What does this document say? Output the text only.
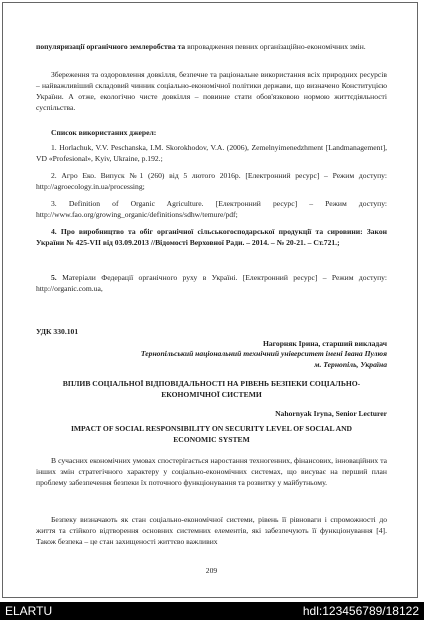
популяризації органічного землеробства та впровадження певних організаційно-економічних змін.

Збереження та оздоровлення довкілля, безпечне та раціональне використання всіх природних ресурсів – найважливіший складовий чинник соціально-економічної політики держави, що визначено Конституцією України. А отже, екологічно чисте довкілля – повинне стати обов'язковою нормою життєдіяльності суспільства.

Список використаних джерел:

1. Horlachuk, V.V. Peschanska, I.M. Skorokhodov, V.A. (2006), Zemelnyimenedzhment [Landmanagement], VD «Profesional», Kyiv, Ukraine, p.192.;

2. Агро Еко. Випуск №1 (260) від 5 лютого 2016р. [Електронний ресурс] – Режим доступу: http://agroecology.in.ua/processing;

3. Definition of Organic Agriculture. [Електронний ресурс] – Режим доступу: http://www.fao.org/growing_organic/definitions/sdhw/temure/pdf;

4. Про виробництво та обіг органічної сільськогосподарської продукції та сировини: Закон України № 425-VII від 03.09.2013 //Відомості Верховної Ради. – 2014. – № 20-21. – Ст.721.;

5. Матеріали Федерації органічного руху в Україні. [Електронний ресурс] – Режим доступу: http://organic.com.ua,

УДК 330.101
Нагорняк Ірина, старший викладач
Тернопільський національний технічний університет імені Івана Пулюя
м. Тернопіль, Україна
ВПЛИВ СОЦІАЛЬНОЇ ВІДПОВІДАЛЬНОСТІ НА РІВЕНЬ БЕЗПЕКИ СОЦІАЛЬНО-ЕКОНОМІЧНОЇ СИСТЕМИ
Nahornyak Iryna, Senior Lecturer
IMPACT OF SOCIAL RESPONSIBILITY ON SECURITY LEVEL OF SOCIAL AND ECONOMIC SYSTEM

В сучасних економічних умовах спостерігається наростання техногенних, фінансових, інноваційних та інших змін стратегічного характеру у соціально-економічних системах, що висуває на перший план проблему забезпечення безпеки їх поточного функціонування та розвитку у майбутньому.

Безпеку визначають як стан соціально-економічної системи, рівень її рівноваги і спроможності до життя та стійкого відтворення основних системних елементів, які забезпечують її функціонування [4]. Також безпека – це стан захищеності життєво важливих

209
ELARTU	hdl:123456789/18122
